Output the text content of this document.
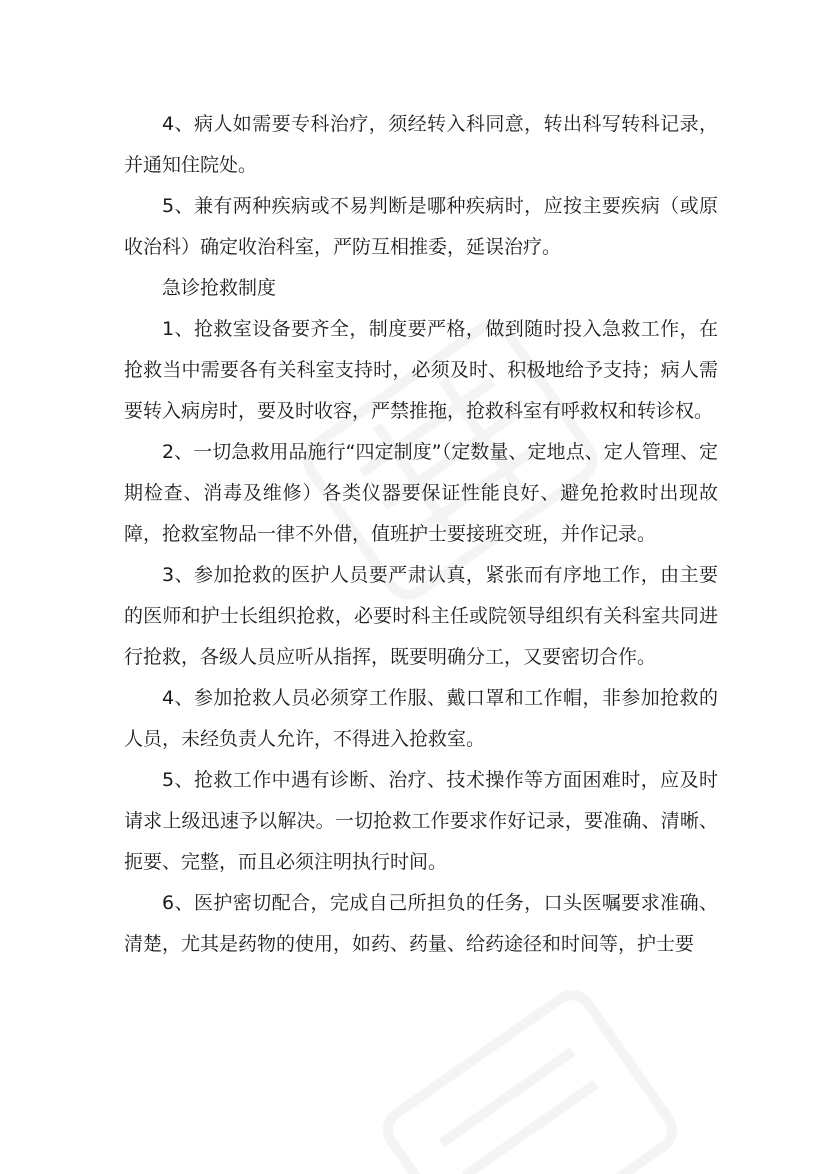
4、病人如需要专科治疗，须经转入科同意，转出科写转科记录，并通知住院处。

5、兼有两种疾病或不易判断是哪种疾病时，应按主要疾病（或原收治科）确定收治科室，严防互相推委，延误治疗。

急诊抢救制度

1、抢救室设备要齐全，制度要严格，做到随时投入急救工作，在抢救当中需要各有关科室支持时，必须及时、积极地给予支持；病人需要转入病房时，要及时收容，严禁推拖，抢救科室有呼救权和转诊权。

2、一切急救用品施行“四定制度”（定数量、定地点、定人管理、定期检查、消毒及维修）各类仪器要保证性能良好、避免抢救时出现故障，抢救室物品一律不外借，值班护士要接班交班，并作记录。

3、参加抢救的医护人员要严肃认真，紧张而有序地工作，由主要的医师和护士长组织抢救，必要时科主任或院领导组织有关科室共同进行抢救，各级人员应听从指挥，既要明确分工，又要密切合作。

4、参加抢救人员必须穿工作服、戴口罩和工作帽，非参加抢救的人员，未经负责人允许，不得进入抢救室。

5、抢救工作中遇有诊断、治疗、技术操作等方面困难时，应及时请求上级迅速予以解决。一切抢救工作要求作好记录，要准确、清晰、扼要、完整，而且必须注明执行时间。

6、医护密切配合，完成自己所担负的任务，口头医嘱要求准确、清楚，尤其是药物的使用，如药、药量、给药途径和时间等，护士要
